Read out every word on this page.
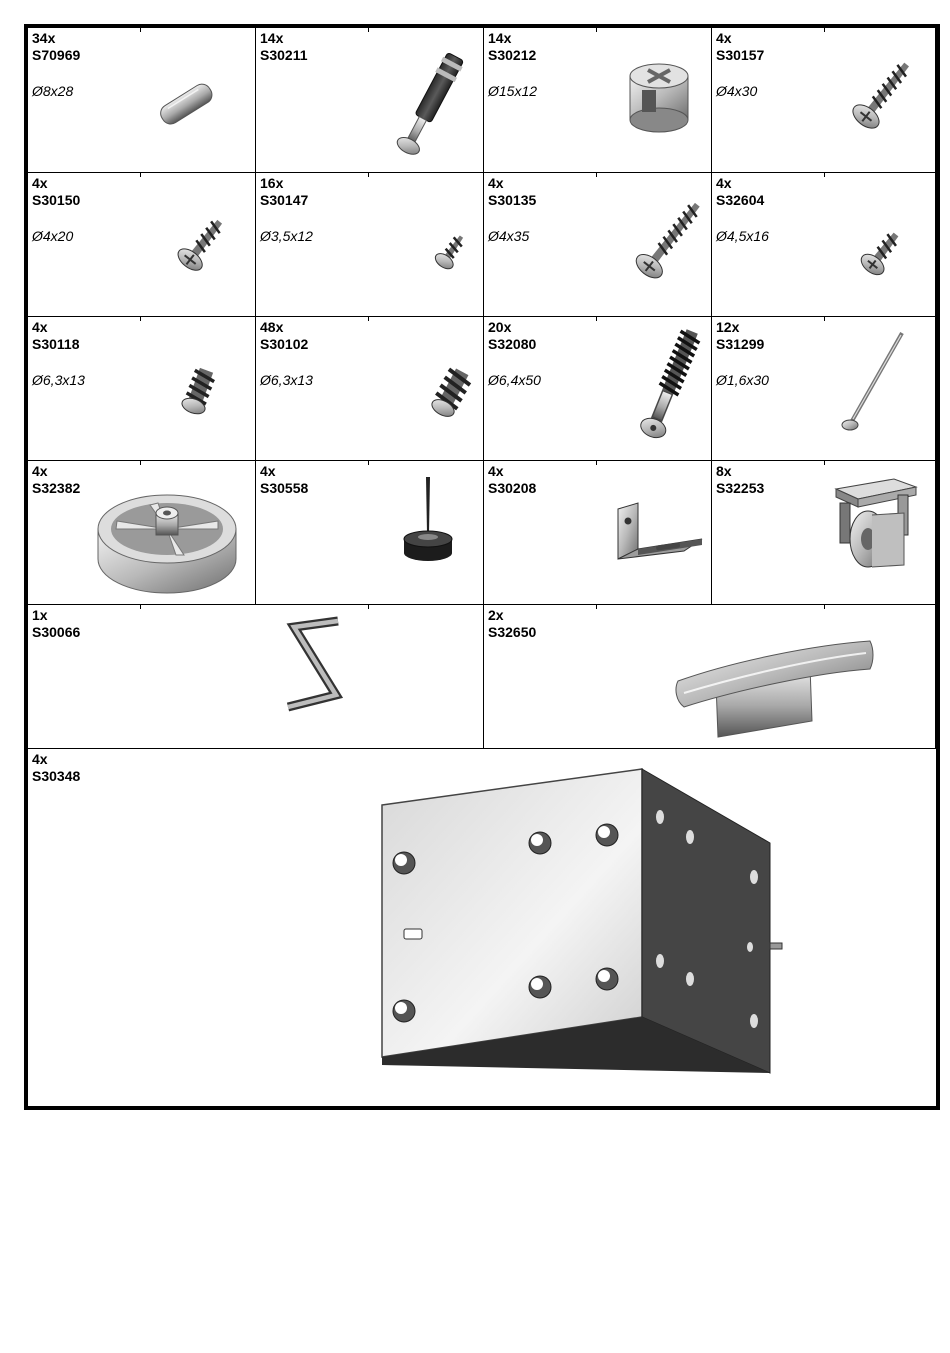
34x
S70969
Ø8x28
14x
S30211
14x
S30212
Ø15x12
4x
S30157
Ø4x30
4x
S30150
Ø4x20
16x
S30147
Ø3,5x12
4x
S30135
Ø4x35
4x
S32604
Ø4,5x16
4x
S30118
Ø6,3x13
48x
S30102
Ø6,3x13
20x
S32080
Ø6,4x50
12x
S31299
Ø1,6x30
4x
S32382
4x
S30558
4x
S30208
8x
S32253
1x
S30066
2x
S32650
4x
S30348
